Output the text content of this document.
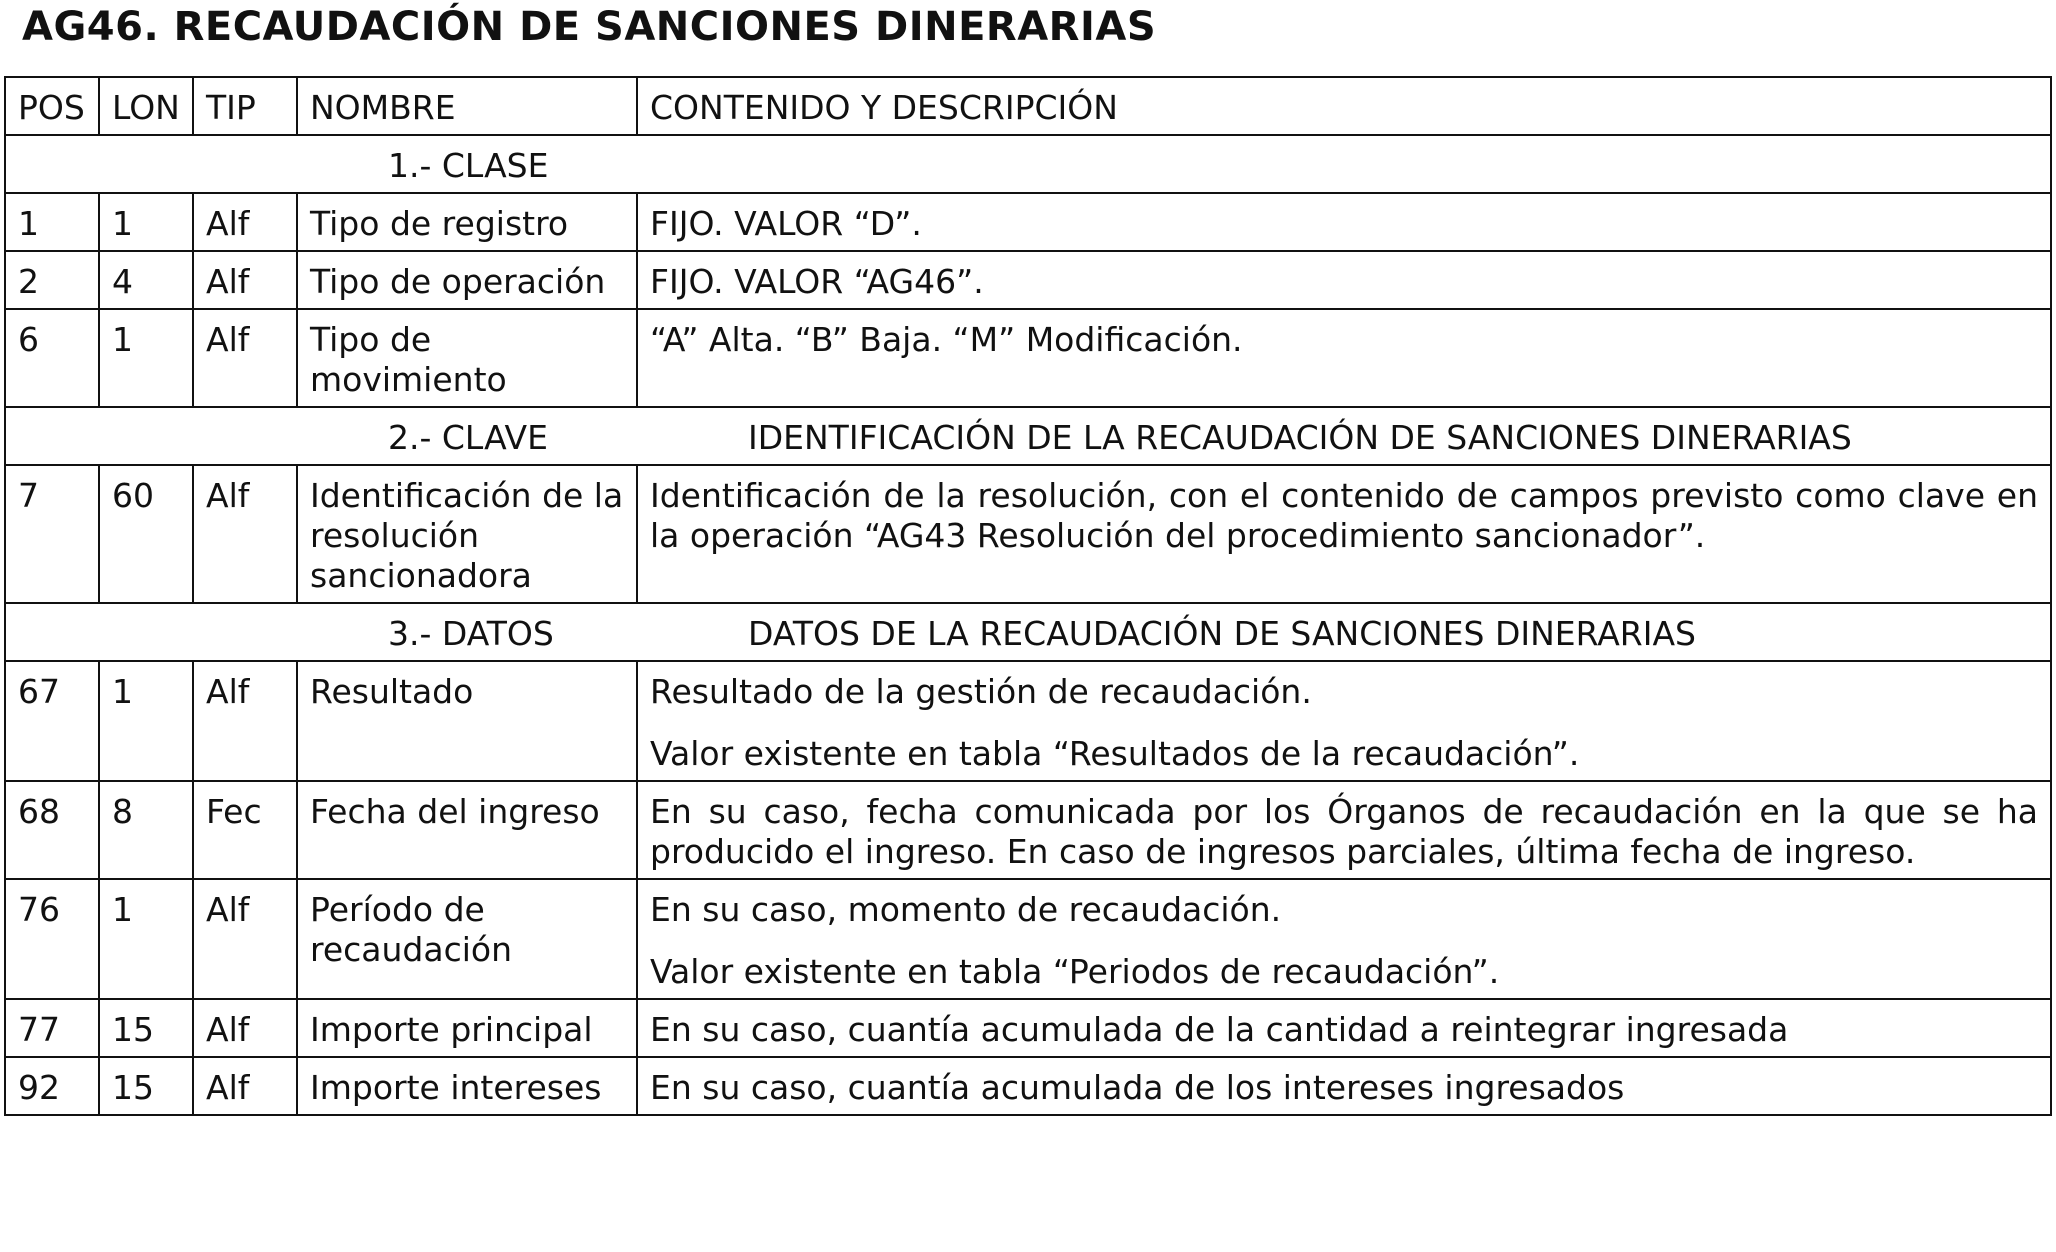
AG46. RECAUDACIÓN DE SANCIONES DINERARIAS
POS	LON	TIP	NOMBRE	CONTENIDO Y DESCRIPCIÓN

1.- CLASE				

1	1	Alf	Tipo de registro	FIJO. VALOR “D”.

2	4	Alf	Tipo de operación	FIJO. VALOR “AG46”.

6	1	Alf	Tipo de movimiento	“A” Alta. “B” Baja. “M” Modificación.

2.- CLAVE IDENTIFICACIÓN DE LA RECAUDACIÓN DE SANCIONES DINERARIAS				

7	60	Alf	Identificación de la resolución sancionadora	Identificación de la resolución, con el contenido de campos previsto como clave en la operación “AG43 Resolución del procedimiento sancionador”.

3.- DATOS DATOS DE LA RECAUDACIÓN DE SANCIONES DINERARIAS				

67	1	Alf	Resultado	Resultado de la gestión de recaudación.

Valor existente en tabla “Resultados de la recaudación”.

68	8	Fec	Fecha del ingreso	En su caso, fecha comunicada por los Órganos de recaudación en la que se ha producido el ingreso. En caso de ingresos parciales, última fecha de ingreso.

76	1	Alf	Período de recaudación	En su caso, momento de recaudación.

Valor existente en tabla “Periodos de recaudación”.

77	15	Alf	Importe principal	En su caso, cuantía acumulada de la cantidad a reintegrar ingresada

92	15	Alf	Importe intereses	En su caso, cuantía acumulada de los intereses ingresados
